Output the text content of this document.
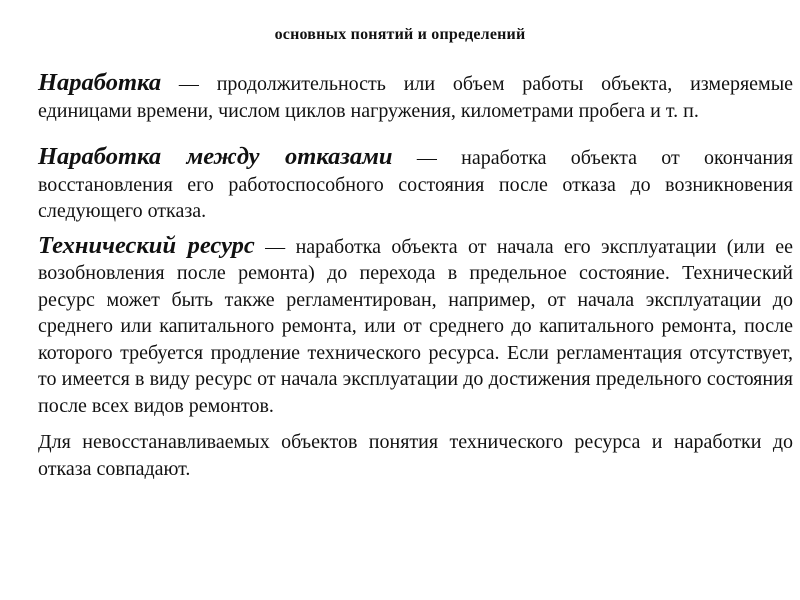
основных понятий и определений

Наработка — продолжительность или объем работы объекта, измеряемые единицами времени, числом циклов нагружения, километрами пробега и т. п.

Наработка между отказами — наработка объекта от окончания восстановления его работоспособного состояния после отказа до возникновения следующего отказа.

Технический ресурс — наработка объекта от начала его эксплуатации (или ее возобновления после ремонта) до перехода в предельное состояние. Технический ресурс может быть также регламентирован, например, от начала эксплуатации до среднего или капитального ремонта, или от среднего до капитального ремонта, после которого требуется продление технического ресурса. Если регламентация отсутствует, то имеется в виду ресурс от начала эксплуатации до достижения предельного состояния после всех видов ремонтов.

Для невосстанавливаемых объектов понятия технического ресурса и наработки до отказа совпадают.
